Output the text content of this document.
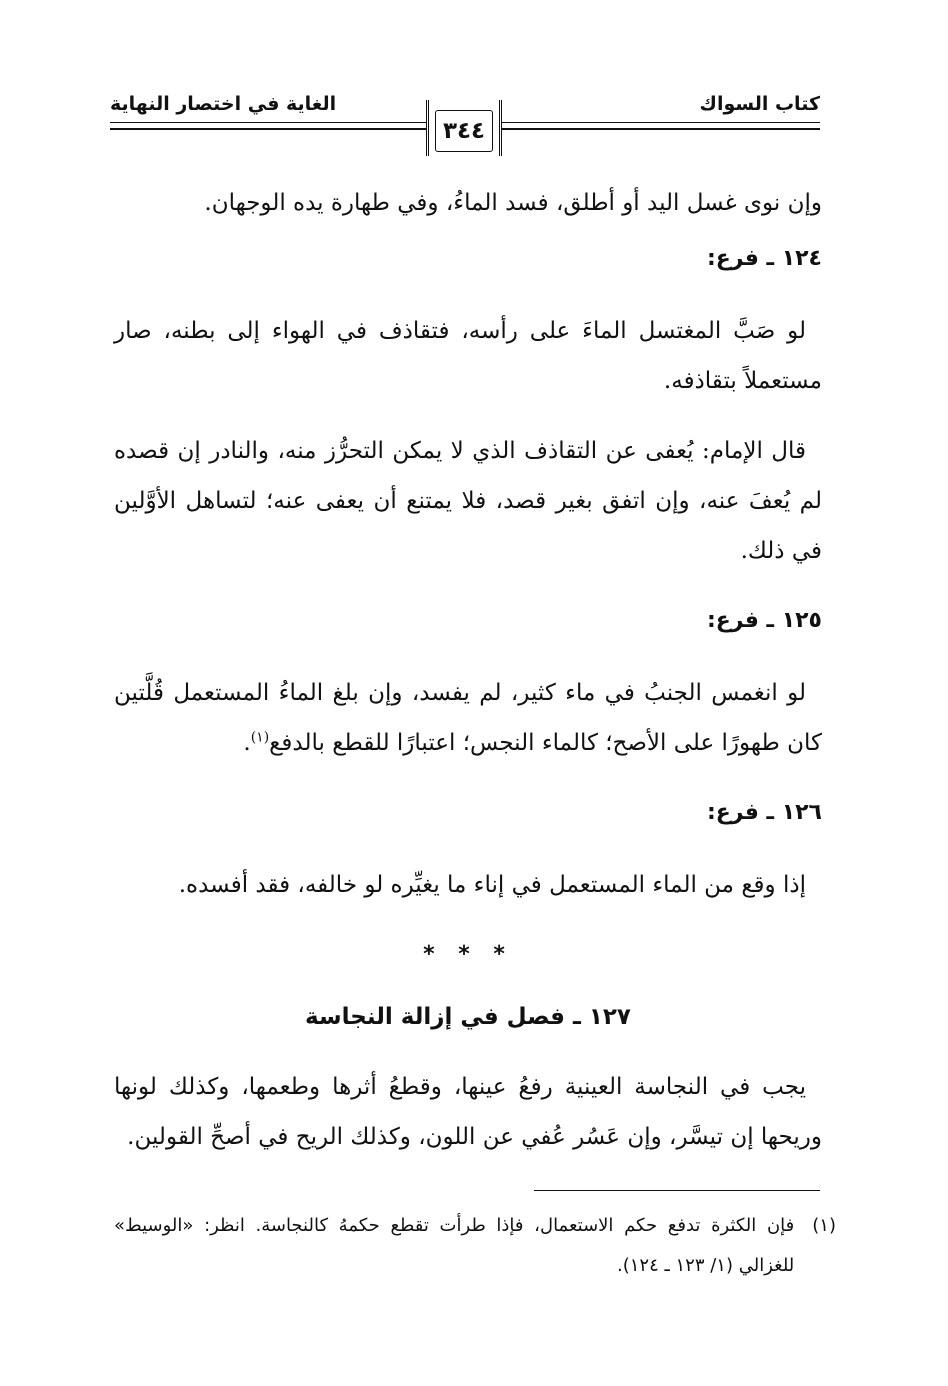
كتاب السواك
الغاية في اختصار النهاية
٣٤٤

وإن نوى غسل اليد أو أطلق، فسد الماءُ، وفي طهارة يده الوجهان.

١٢٤ ـ فرع:

لو صَبَّ المغتسل الماءَ على رأسه، فتقاذف في الهواء إلى بطنه، صار مستعملاً بتقاذفه.

قال الإمام: يُعفى عن التقاذف الذي لا يمكن التحرُّز منه، والنادر إن قصده لم يُعفَ عنه، وإن اتفق بغير قصد، فلا يمتنع أن يعفى عنه؛ لتساهل الأوَّلين في ذلك.

١٢٥ ـ فرع:

لو انغمس الجنبُ في ماء كثير، لم يفسد، وإن بلغ الماءُ المستعمل قُلَّتين كان طهورًا على الأصح؛ كالماء النجس؛ اعتبارًا للقطع بالدفع$^{(١)}$.

١٢٦ ـ فرع:

إذا وقع من الماء المستعمل في إناء ما يغيِّره لو خالفه، فقد أفسده.

* * *

١٢٧ ـ فصل في إزالة النجاسة

يجب في النجاسة العينية رفعُ عينها، وقطعُ أثرها وطعمها، وكذلك لونها وريحها إن تيسَّر، وإن عَسُر عُفي عن اللون، وكذلك الريح في أصحِّ القولين.

(١)
فإن الكثرة تدفع حكم الاستعمال، فإذا طرأت تقطع حكمهُ كالنجاسة. انظر: «الوسيط» للغزالي (١/ ١٢٣ ـ ١٢٤).
